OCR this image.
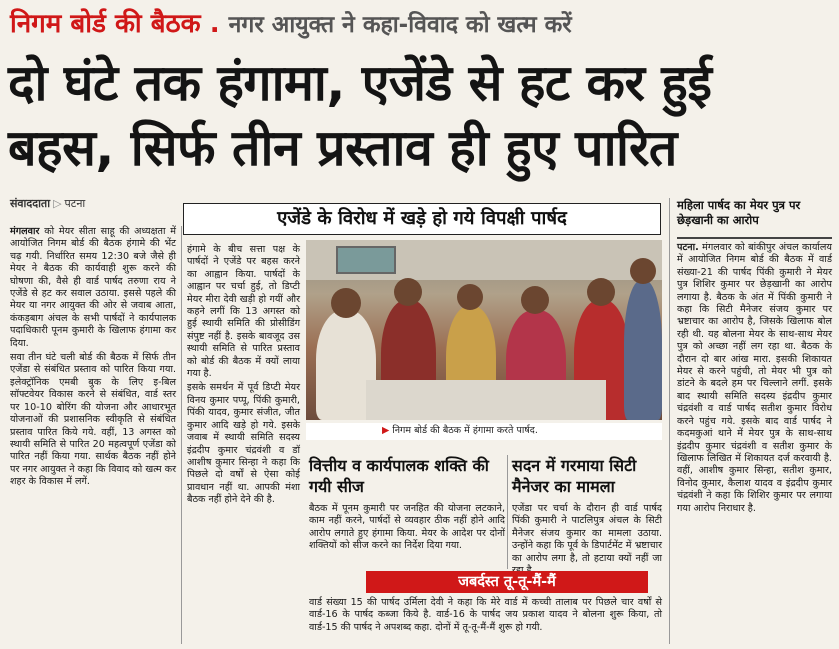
निगम बोर्ड की बैठक . नगर आयुक्त ने कहा-विवाद को खत्म करें
दो घंटे तक हंगामा, एजेंडे से हट कर हुई
बहस, सिर्फ तीन प्रस्ताव ही हुए पारित
संवाददाता ▷ पटना

मंगलवार को मेयर सीता साहू की अध्यक्षता में आयोजित निगम बोर्ड की बैठक हंगामे की भेंट चढ़ गयी. निर्धारित समय 12:30 बजे जैसे ही मेयर ने बैठक की कार्यवाही शुरू करने की घोषणा की, वैसे ही वार्ड पार्षद तरुणा राय ने एजेंडे से हट कर सवाल उठाया. इससे पहले की मेयर या नगर आयुक्त की ओर से जवाब आता, कंकड़बाग अंचल के सभी पार्षदों ने कार्यपालक पदाधिकारी पूनम कुमारी के खिलाफ हंगामा कर दिया.

सवा तीन घंटे चली बोर्ड की बैठक में सिर्फ तीन एजेंडा से संबंधित प्रस्ताव को पारित किया गया. इलेक्ट्रॉनिक एमबी बुक के लिए इ-बिल सॉफ्टवेयर विकास करने से संबंधित, वार्ड स्तर पर 10-10 बोरिंग की योजना और आधारभूत योजनाओं की प्रशासनिक स्वीकृति से संबंधित प्रस्ताव पारित किये गये. वहीं, 13 अगस्त को स्थायी समिति से पारित 20 महत्वपूर्ण एजेंडा को पारित नहीं किया गया. सार्थक बैठक नहीं होने पर नगर आयुक्त ने कहा कि विवाद को खत्म कर शहर के विकास में लगें.

एजेंडे के विरोध में खड़े हो गये विपक्षी पार्षद

हंगामे के बीच सत्ता पक्ष के पार्षदों ने एजेंडे पर बहस करने का आह्वान किया. पार्षदों के आह्वान पर चर्चा हुई, तो डिप्टी मेयर मीरा देवी खड़ी हो गयीं और कहने लगीं कि 13 अगस्त को हुई स्थायी समिति की प्रोसीडिंग संपुष्ट नहीं है. इसके बावजूद उस स्थायी समिति से पारित प्रस्ताव को बोर्ड की बैठक में क्यों लाया गया है.

इसके समर्थन में पूर्व डिप्टी मेयर विनय कुमार पप्पू, पिंकी कुमारी, पिंकी यादव, कुमार संजीत, जीत कुमार आदि खड़े हो गये. इसके जवाब में स्थायी समिति सदस्य इंद्रदीप कुमार चंद्रवंशी व डॉ आशीष कुमार सिन्हा ने कहा कि पिछले दो वर्षों से ऐसा कोई प्रावधान नहीं था. आपकी मंशा बैठक नहीं होने देने की है.

▶ निगम बोर्ड की बैठक में हंगामा करते पार्षद.
वित्तीय व कार्यपालक शक्ति की गयी सीज
सदन में गरमाया सिटी मैनेजर का मामला
बैठक में पूनम कुमारी पर जनहित की योजना लटकाने, काम नहीं करने, पार्षदों से व्यवहार ठीक नहीं होने आदि आरोप लगाते हुए हंगामा किया. मेयर के आदेश पर दोनों शक्तियों को सीज करने का निर्देश दिया गया.
एजेंडा पर चर्चा के दौरान ही वार्ड पार्षद पिंकी कुमारी ने पाटलिपुत्र अंचल के सिटी मैनेजर संजय कुमार का मामला उठाया. उन्होंने कहा कि पूर्व के डिपार्टमेंट में भ्रष्टाचार का आरोप लगा है, तो हटाया क्यों नहीं जा
जबर्दस्त तू-तू-मैं-मैं
वार्ड संख्या 15 की पार्षद उर्मिला देवी ने कहा कि मेरे वार्ड में कच्ची तालाब पर पिछले चार वर्षों से वार्ड-16 के पार्षद कब्जा किये है. वार्ड-16 के पार्षद जय प्रकाश यादव ने बोलना शुरू किया, तो वार्ड-15 की पार्षद ने अपशब्द कहा. दोनों में तू-तू-मैं-मैं शुरू हो गयी.
महिला पार्षद का मेयर पुत्र पर छेड़खानी का आरोप
पटना. मंगलवार को बांकीपुर अंचल कार्यालय में आयोजित निगम बोर्ड की बैठक में वार्ड संख्या-21 की पार्षद पिंकी कुमारी ने मेयर पुत्र शिशिर कुमार पर छेड़खानी का आरोप लगाया है. बैठक के अंत में पिंकी कुमारी ने कहा कि सिटी मैनेजर संजय कुमार पर भ्रष्टाचार का आरोप है, जिसके खिलाफ बोल रही थी. यह बोलना मेयर के साथ-साथ मेयर पुत्र को अच्छा नहीं लग रहा था. बैठक के दौरान दो बार आंख मारा. इसकी शिकायत मेयर से करने पहुंची, तो मेयर भी पुत्र को डांटने के बदले हम पर चिल्लाने लगीं. इसके बाद स्थायी समिति सदस्य इंद्रदीप कुमार चंद्रवंशी व वार्ड पार्षद सतीश कुमार विरोध करने पहुंच गये. इसके बाद वार्ड पार्षद ने कदमकुआं थाने में मेयर पुत्र के साथ-साथ इंद्रदीप कुमार चंद्रवंशी व सतीश कुमार के खिलाफ लिखित में शिकायत दर्ज करवायी है. वहीं, आशीष कुमार सिन्हा, सतीश कुमार, विनोद कुमार, कैलाश यादव व इंद्रदीप कुमार चंद्रवंशी ने कहा कि शिशिर कुमार पर लगाया गया आरोप निराधार है.
